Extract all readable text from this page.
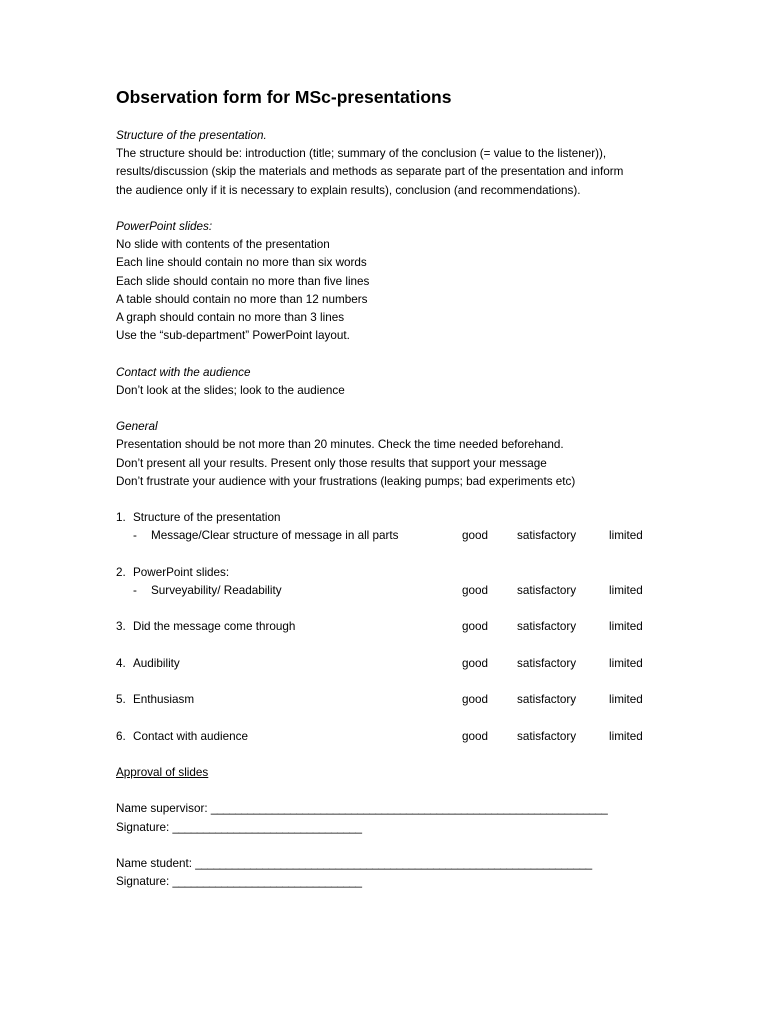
Observation form for MSc-presentations
Structure of the presentation.
The structure should be: introduction (title; summary of the conclusion (= value to the listener)), results/discussion (skip the materials and methods as separate part of the presentation and inform the audience only if it is necessary to explain results), conclusion (and recommendations).
PowerPoint slides:
No slide with contents of the presentation
Each line should contain no more than six words
Each slide should contain no more than five lines
A table should contain no more than 12 numbers
A graph should contain no more than 3 lines
Use the “sub-department” PowerPoint layout.
Contact with the audience
Don’t look at the slides; look to the audience
General
Presentation should be not more than 20 minutes. Check the time needed beforehand.
Don’t present all your results. Present only those results that support your message
Don’t frustrate your audience with your frustrations (leaking pumps; bad experiments etc)
1. Structure of the presentation
-	Message/Clear structure of message in all parts	good	satisfactory	limited
2. PowerPoint slides:
-	Surveyability/ Readability	good	satisfactory	limited
3. Did the message come through	good	satisfactory	limited
4. Audibility	good	satisfactory	limited
5. Enthusiasm	good	satisfactory	limited
6. Contact with audience	good	satisfactory	limited
Approval of slides
Name supervisor: _________________________________________________________________
Signature: _______________________________
Name student: _________________________________________________________________
Signature: _______________________________
